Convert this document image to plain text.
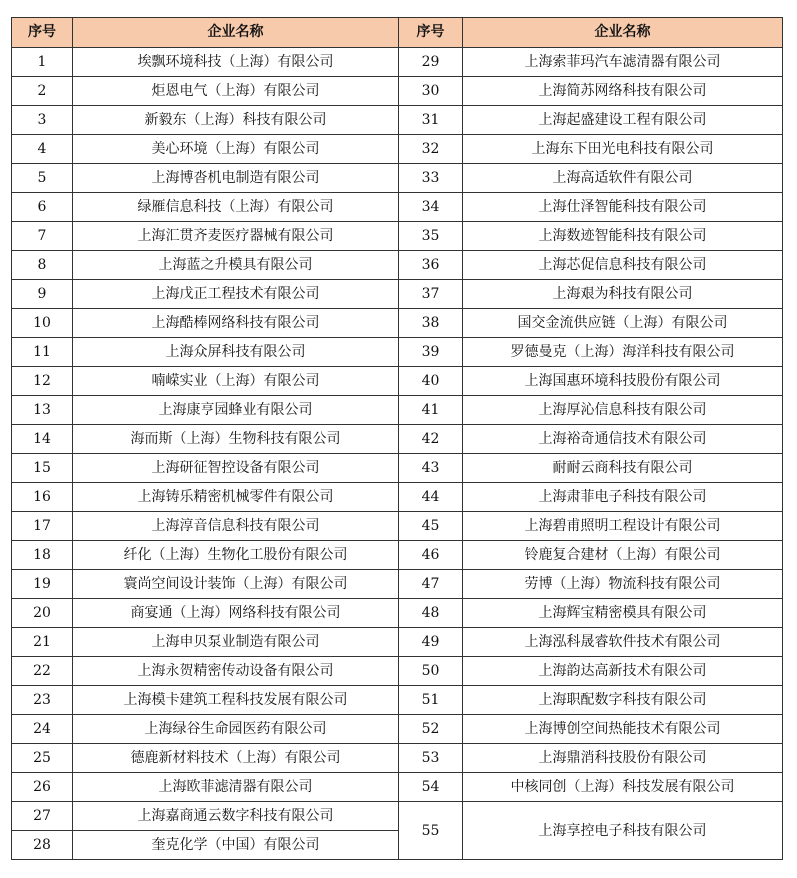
序号	企业名称	序号	企业名称
1	埃飘环境科技（上海）有限公司	29	上海索菲玛汽车滤清器有限公司
2	炬恩电气（上海）有限公司	30	上海简苏网络科技有限公司
3	新毅东（上海）科技有限公司	31	上海起盛建设工程有限公司
4	美心环境（上海）有限公司	32	上海东下田光电科技有限公司
5	上海博沓机电制造有限公司	33	上海高适软件有限公司
6	绿雁信息科技（上海）有限公司	34	上海仕泽智能科技有限公司
7	上海汇贯齐麦医疗器械有限公司	35	上海数迹智能科技有限公司
8	上海蓝之升模具有限公司	36	上海芯促信息科技有限公司
9	上海戊正工程技术有限公司	37	上海艰为科技有限公司
10	上海酷棒网络科技有限公司	38	国交金流供应链（上海）有限公司
11	上海众屏科技有限公司	39	罗德曼克（上海）海洋科技有限公司
12	喃嵘实业（上海）有限公司	40	上海国惠环境科技股份有限公司
13	上海康亨园蜂业有限公司	41	上海厚沁信息科技有限公司
14	海而斯（上海）生物科技有限公司	42	上海裕奇通信技术有限公司
15	上海研征智控设备有限公司	43	耐耐云商科技有限公司
16	上海铸乐精密机械零件有限公司	44	上海肃菲电子科技有限公司
17	上海淳音信息科技有限公司	45	上海碧甫照明工程设计有限公司
18	纤化（上海）生物化工股份有限公司	46	铃鹿复合建材（上海）有限公司
19	寰尚空间设计装饰（上海）有限公司	47	劳博（上海）物流科技有限公司
20	商宴通（上海）网络科技有限公司	48	上海辉宝精密模具有限公司
21	上海申贝泵业制造有限公司	49	上海泓科晟睿软件技术有限公司
22	上海永贺精密传动设备有限公司	50	上海韵达高新技术有限公司
23	上海模卡建筑工程科技发展有限公司	51	上海职配数字科技有限公司
24	上海绿谷生命园医药有限公司	52	上海博创空间热能技术有限公司
25	德鹿新材料技术（上海）有限公司	53	上海鼎消科技股份有限公司
26	上海欧菲滤清器有限公司	54	中核同创（上海）科技发展有限公司
27	上海嘉商通云数字科技有限公司	55	上海享控电子科技有限公司
28	奎克化学（中国）有限公司		
